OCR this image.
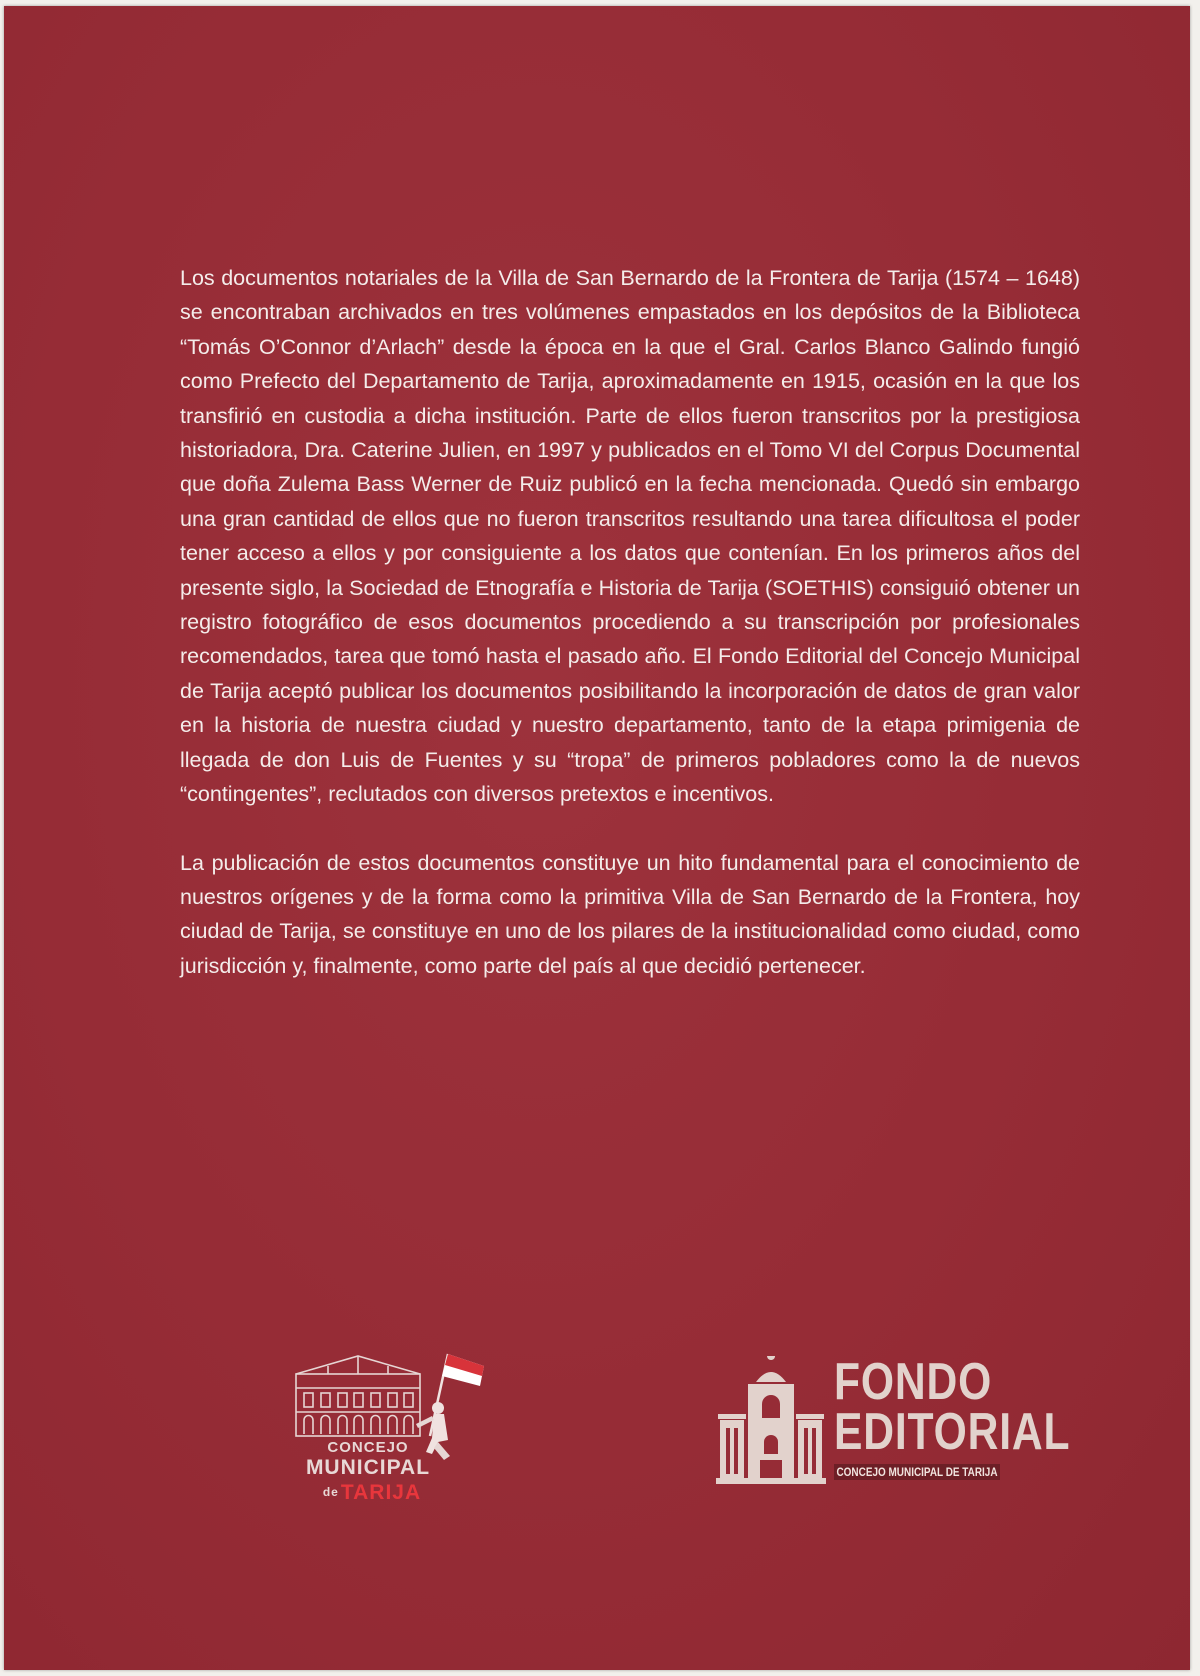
Los documentos notariales de la Villa de San Bernardo de la Frontera de Tarija (1574 – 1648) se encontraban archivados en tres volúmenes empastados en los depósitos de la Biblioteca “Tomás O’Connor d’Arlach” desde la época en la que el Gral. Carlos Blanco Galindo fungió como Prefecto del Departamento de Tarija, aproximadamente en 1915, ocasión en la que los transfirió en custodia a dicha institución. Parte de ellos fueron transcritos por la prestigiosa historiadora, Dra. Caterine Julien, en 1997 y publicados en el Tomo VI del Corpus Documental que doña Zulema Bass Werner de Ruiz publicó en la fecha mencionada. Quedó sin embargo una gran cantidad de ellos que no fueron transcritos resultando una tarea dificultosa el poder tener acceso a ellos y por consiguiente a los datos que contenían. En los primeros años del presente siglo, la Sociedad de Etnografía e Historia de Tarija (SOETHIS) consiguió obtener un registro fotográfico de esos documentos procediendo a su transcripción por profesionales recomendados, tarea que tomó hasta el pasado año. El Fondo Editorial del Concejo Municipal de Tarija aceptó publicar los documentos posibilitando la incorporación de datos de gran valor en la historia de nuestra ciudad y nuestro departamento, tanto de la etapa primigenia de llegada de don Luis de Fuentes y su “tropa” de primeros pobladores como la de nuevos “contingentes”, reclutados con diversos pretextos e incentivos.

La publicación de estos documentos constituye un hito fundamental para el conocimiento de nuestros orígenes y de la forma como la primitiva Villa de San Bernardo de la Frontera, hoy ciudad de Tarija, se constituye en uno de los pilares de la institucionalidad como ciudad, como jurisdicción y, finalmente, como parte del país al que decidió pertenecer.

CONCEJO
MUNICIPAL
deTARIJA
FONDO
EDITORIAL
CONCEJO MUNICIPAL DE TARIJA
